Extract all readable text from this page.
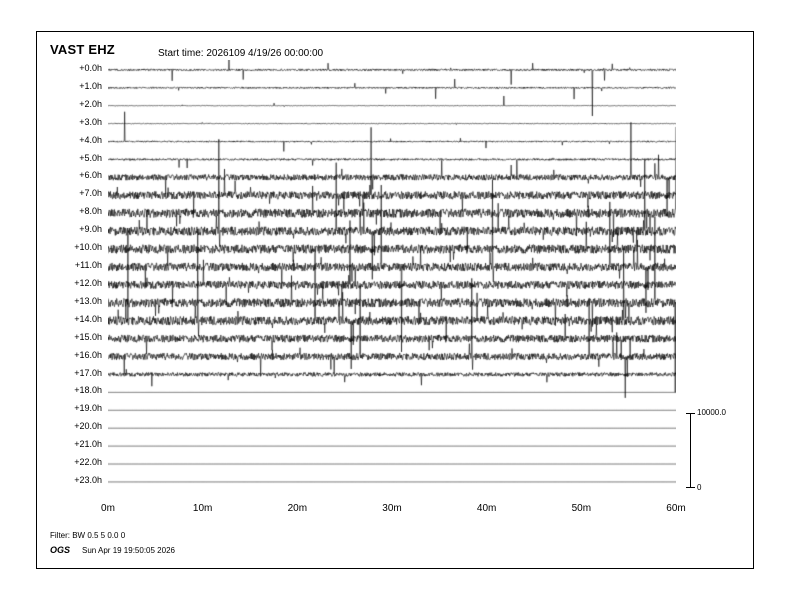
VAST EHZ	Start time: 2026109 4/19/26 00:00:00
+0.0h
+1.0h
+2.0h
+3.0h
+4.0h
+5.0h
+6.0h
+7.0h
+8.0h
+9.0h
+10.0h
+11.0h
+12.0h
+13.0h
+14.0h
+15.0h
+16.0h
+17.0h
+18.0h
+19.0h
+20.0h
+21.0h
+22.0h
+23.0h
0m	10m	20m	30m	40m	50m	60m
10000.0
0
Filter: BW 0.5 5 0.0 0
OGS Sun Apr 19 19:50:05 2026
